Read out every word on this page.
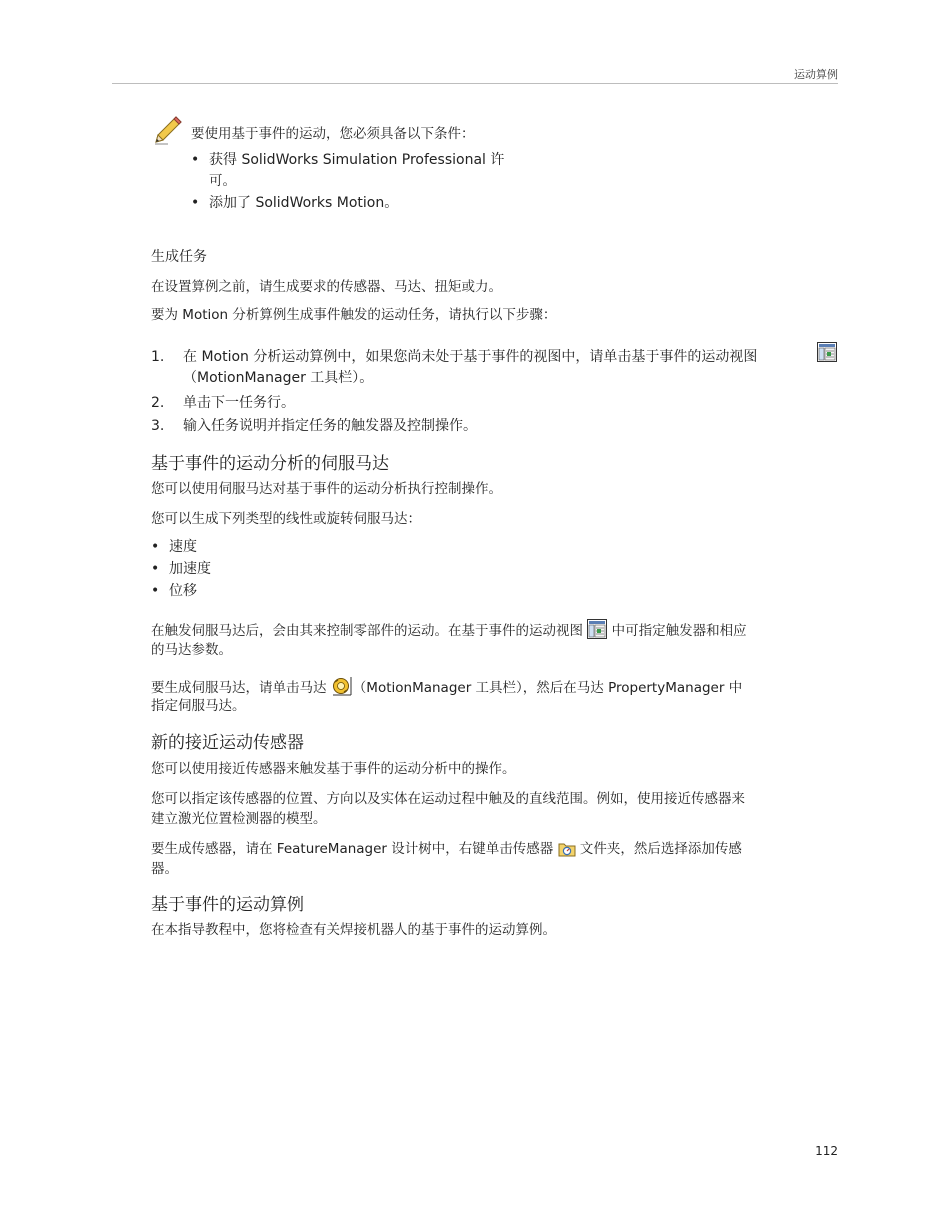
运动算例
要使用基于事件的运动，您必须具备以下条件：
• 获得 SolidWorks Simulation Professional 许
可。
• 添加了 SolidWorks Motion。
生成任务
在设置算例之前，请生成要求的传感器、马达、扭矩或力。
要为 Motion 分析算例生成事件触发的运动任务，请执行以下步骤：
1. 在 Motion 分析运动算例中，如果您尚未处于基于事件的视图中，请单击基于事件的运动视图
（MotionManager 工具栏）。
2. 单击下一任务行。
3. 输入任务说明并指定任务的触发器及控制操作。
基于事件的运动分析的伺服马达
您可以使用伺服马达对基于事件的运动分析执行控制操作。
您可以生成下列类型的线性或旋转伺服马达：
• 速度
• 加速度
• 位移
在触发伺服马达后，会由其来控制零部件的运动。在基于事件的运动视图  中可指定触发器和相应
的马达参数。
要生成伺服马达，请单击马达 （MotionManager 工具栏），然后在马达 PropertyManager 中
指定伺服马达。
新的接近运动传感器
您可以使用接近传感器来触发基于事件的运动分析中的操作。
您可以指定该传感器的位置、方向以及实体在运动过程中触及的直线范围。例如，使用接近传感器来
建立激光位置检测器的模型。
要生成传感器，请在 FeatureManager 设计树中，右键单击传感器  文件夹，然后选择添加传感
器。
基于事件的运动算例
在本指导教程中，您将检查有关焊接机器人的基于事件的运动算例。
112
